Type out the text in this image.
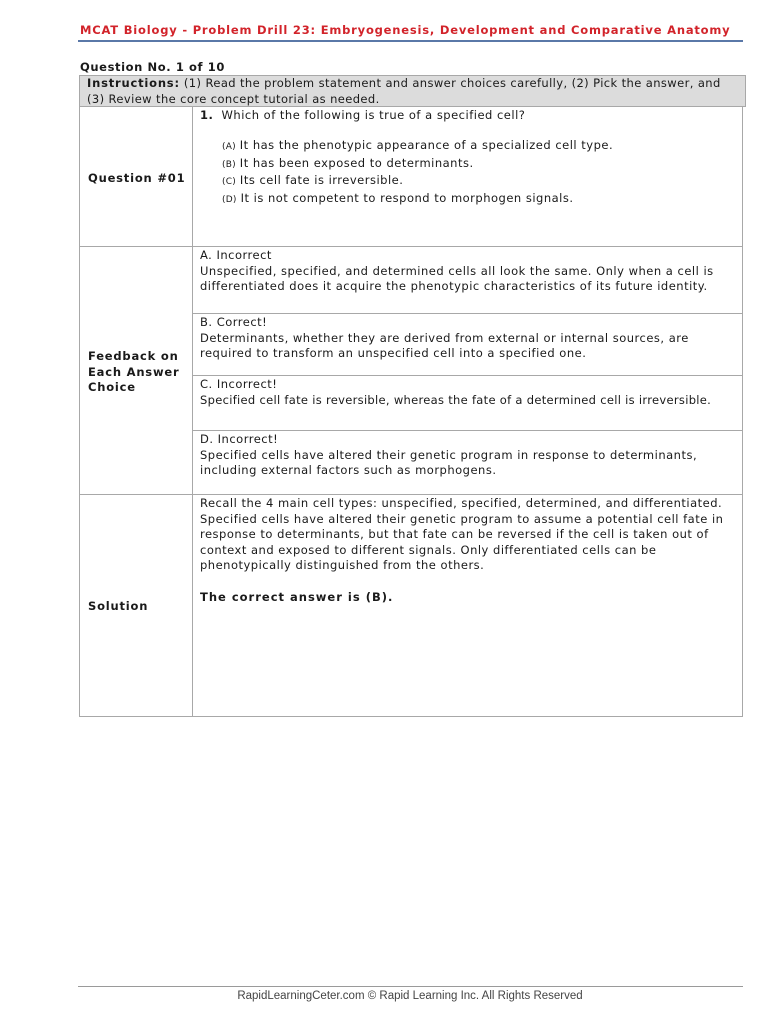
MCAT Biology - Problem Drill 23: Embryogenesis, Development and Comparative Anatomy
Question No. 1 of 10
Instructions: (1) Read the problem statement and answer choices carefully, (2) Pick the answer, and (3) Review the core concept tutorial as needed.
Question #01
1. Which of the following is true of a specified cell?
(A) It has the phenotypic appearance of a specialized cell type.
(B) It has been exposed to determinants.
(C) Its cell fate is irreversible.
(D) It is not competent to respond to morphogen signals.
Feedback on Each Answer Choice
A. Incorrect
Unspecified, specified, and determined cells all look the same. Only when a cell is differentiated does it acquire the phenotypic characteristics of its future identity.
B. Correct!
Determinants, whether they are derived from external or internal sources, are required to transform an unspecified cell into a specified one.
C. Incorrect!
Specified cell fate is reversible, whereas the fate of a determined cell is irreversible.
D. Incorrect!
Specified cells have altered their genetic program in response to determinants, including external factors such as morphogens.
Solution
Recall the 4 main cell types: unspecified, specified, determined, and differentiated. Specified cells have altered their genetic program to assume a potential cell fate in response to determinants, but that fate can be reversed if the cell is taken out of context and exposed to different signals. Only differentiated cells can be phenotypically distinguished from the others.
The correct answer is (B).
RapidLearningCeter.com © Rapid Learning Inc. All Rights Reserved
